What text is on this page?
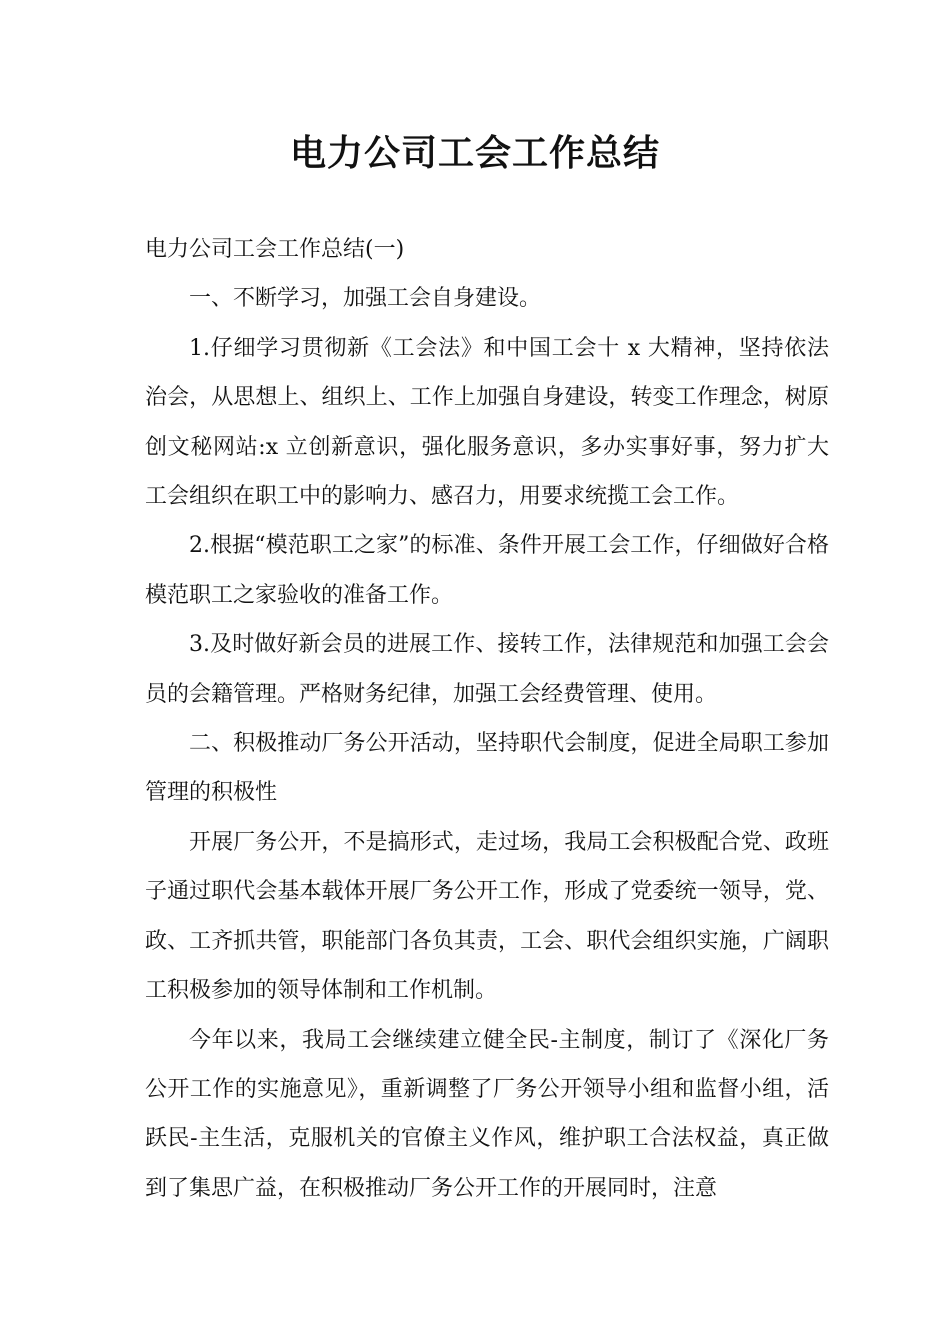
电力公司工会工作总结

电力公司工会工作总结(一)

一、不断学习，加强工会自身建设。

1.仔细学习贯彻新《工会法》和中国工会十 x 大精神，坚持依法治会，从思想上、组织上、工作上加强自身建设，转变工作理念，树原创文秘网站:x 立创新意识，强化服务意识，多办实事好事，努力扩大工会组织在职工中的影响力、感召力，用要求统揽工会工作。

2.根据“模范职工之家”的标准、条件开展工会工作，仔细做好合格模范职工之家验收的准备工作。

3.及时做好新会员的进展工作、接转工作，法律规范和加强工会会员的会籍管理。严格财务纪律，加强工会经费管理、使用。

二、积极推动厂务公开活动，坚持职代会制度，促进全局职工参加管理的积极性

开展厂务公开，不是搞形式，走过场，我局工会积极配合党、政班子通过职代会基本载体开展厂务公开工作，形成了党委统一领导，党、政、工齐抓共管，职能部门各负其责，工会、职代会组织实施，广阔职工积极参加的领导体制和工作机制。

今年以来，我局工会继续建立健全民-主制度，制订了《深化厂务公开工作的实施意见》，重新调整了厂务公开领导小组和监督小组，活跃民-主生活，克服机关的官僚主义作风，维护职工合法权益，真正做到了集思广益，在积极推动厂务公开工作的开展同时，注意
